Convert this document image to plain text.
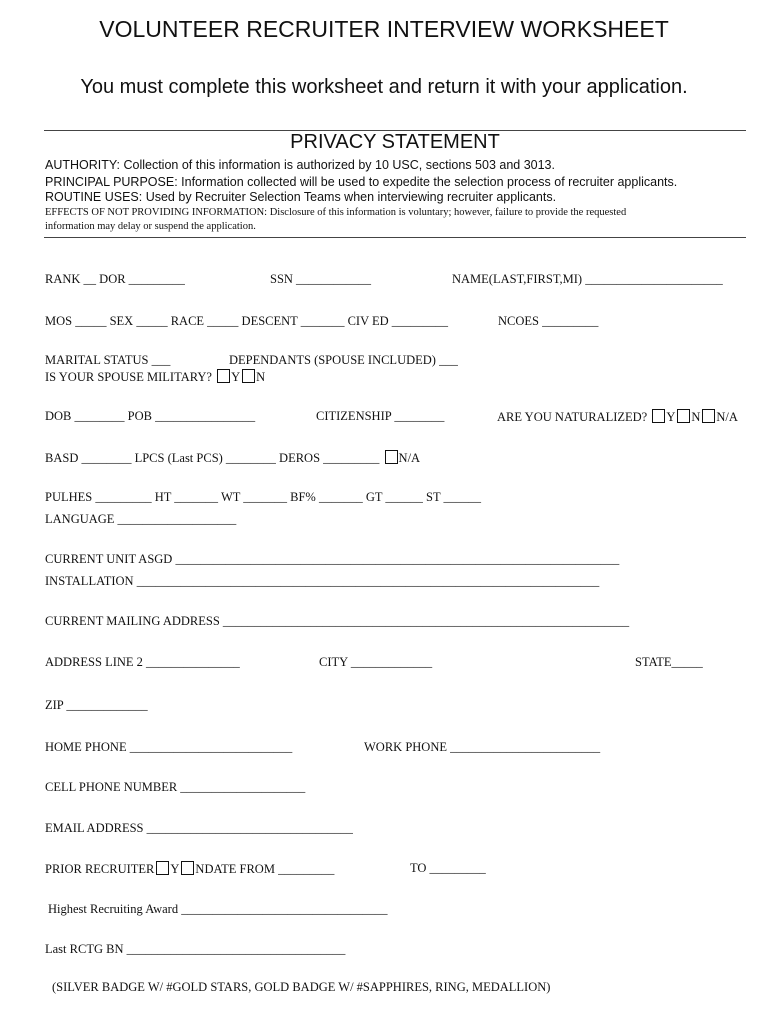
VOLUNTEER RECRUITER INTERVIEW WORKSHEET
You must complete this worksheet and return it with your application.
PRIVACY STATEMENT
AUTHORITY: Collection of this information is authorized by 10 USC, sections 503 and 3013.
PRINCIPAL PURPOSE: Information collected will be used to expedite the selection process of recruiter applicants.
ROUTINE USES: Used by Recruiter Selection Teams when interviewing recruiter applicants.
EFFECTS OF NOT PROVIDING INFORMATION: Disclosure of this information is voluntary; however, failure to provide the requested
information may delay or suspend the application.
RANK __ DOR _________	SSN ____________	NAME(LAST,FIRST,MI) ______________________
MOS _____ SEX _____ RACE _____ DESCENT _______ CIV ED _________	NCOES _________
MARITAL STATUS ___	DEPENDANTS (SPOUSE INCLUDED) ___
IS YOUR SPOUSE MILITARY? Y N
DOB ________ POB ________________	CITIZENSHIP ________	ARE YOU NATURALIZED? Y N N/A
BASD ________ LPCS (Last PCS) ________ DEROS _________ N/A
PULHES _________ HT _______ WT _______ BF% _______ GT ______ ST ______
LANGUAGE ___________________
CURRENT UNIT ASGD _______________________________________________________________________
INSTALLATION __________________________________________________________________________
CURRENT MAILING ADDRESS _________________________________________________________________
ADDRESS LINE 2 _______________	CITY _____________	STATE_____
ZIP _____________
HOME PHONE __________________________	WORK PHONE ________________________
CELL PHONE NUMBER ____________________
EMAIL ADDRESS _________________________________
PRIOR RECRUITER Y NDATE FROM _________	TO _________
Highest Recruiting Award _________________________________
Last RCTG BN ___________________________________
(SILVER BADGE W/ #GOLD STARS, GOLD BADGE W/ #SAPPHIRES, RING, MEDALLION)
